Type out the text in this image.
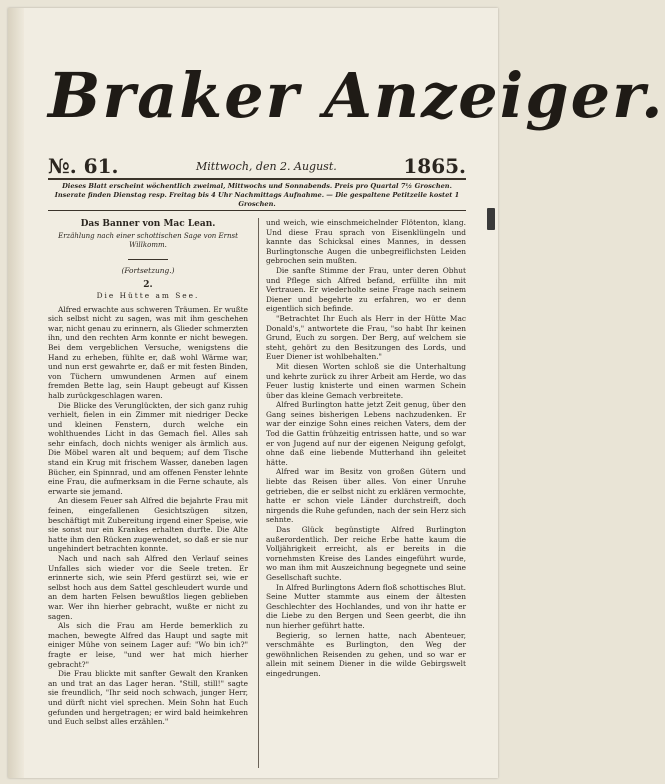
Braker Anzeiger.
№. 61.	Mittwoch, den 2. August.	1865.
Dieses Blatt erscheint wöchentlich zweimal, Mittwochs und Sonnabends. Preis pro Quartal 7½ Groschen. Inserate finden Dienstag resp. Freitag bis 4 Uhr Nachmittags Aufnahme. — Die gespaltene Petitzeile kostet 1 Groschen.
Das Banner von Mac Lean.
Erzählung nach einer schottischen Sage von Ernst Willkomm.
(Fortsetzung.)
2.
Die Hütte am See.

Alfred erwachte aus schweren Träumen. Er wußte sich selbst nicht zu sagen, was mit ihm geschehen war, nicht genau zu erinnern, als Glieder schmerzten ihn, und den rechten Arm konnte er nicht bewegen. Bei dem vergeblichen Versuche, wenigstens die Hand zu erheben, fühlte er, daß wohl Wärme war, und nun erst gewahrte er, daß er mit festen Binden, von Tüchern umwundenen Armen auf einem fremden Bette lag, sein Haupt gebeugt auf Kissen halb zurückgeschlagen waren.

Die Blicke des Verunglückten, der sich ganz ruhig verhielt, fielen in ein Zimmer mit niedriger Decke und kleinen Fenstern, durch welche ein wohlthuendes Licht in das Gemach fiel. Alles sah sehr einfach, doch nichts weniger als ärmlich aus. Die Möbel waren alt und bequem; auf dem Tische stand ein Krug mit frischem Wasser, daneben lagen Bücher, ein Spinnrad, und am offenen Fenster lehnte eine Frau, die aufmerksam in die Ferne schaute, als erwarte sie jemand.

An diesem Feuer sah Alfred die bejahrte Frau mit feinen, eingefallenen Gesichtszügen sitzen, beschäftigt mit Zubereitung irgend einer Speise, wie sie sonst nur ein Krankes erhalten durfte. Die Alte hatte ihm den Rücken zugewendet, so daß er sie nur ungehindert betrachten konnte.

Nach und nach sah Alfred den Verlauf seines Unfalles sich wieder vor die Seele treten. Er erinnerte sich, wie sein Pferd gestürzt sei, wie er selbst hoch aus dem Sattel geschleudert wurde und an dem harten Felsen bewußtlos liegen geblieben war. Wer ihn hierher gebracht, wußte er nicht zu sagen.

Als sich die Frau am Herde bemerklich zu machen, bewegte Alfred das Haupt und sagte mit einiger Mühe von seinem Lager auf: "Wo bin ich?" fragte er leise, "und wer hat mich hierher gebracht?"

Die Frau blickte mit sanfter Gewalt den Kranken an und trat an das Lager heran. "Still, still!" sagte sie freundlich, "Ihr seid noch schwach, junger Herr, und dürft nicht viel sprechen. Mein Sohn hat Euch gefunden und hergetragen; er wird bald heimkehren und Euch selbst alles erzählen."

und weich, wie einschmeichelnder Flötenton, klang. Und diese Frau sprach von Eisenklüngeln und kannte das Schicksal eines Mannes, in dessen Burlingtonsche Augen die unbegreiflichsten Leiden gebrochen sein mußten.

Die sanfte Stimme der Frau, unter deren Obhut und Pflege sich Alfred befand, erfüllte ihn mit Vertrauen. Er wiederholte seine Frage nach seinem Diener und begehrte zu erfahren, wo er denn eigentlich sich befinde.

"Betrachtet Ihr Euch als Herr in der Hütte Mac Donald's," antwortete die Frau, "so habt Ihr keinen Grund, Euch zu sorgen. Der Berg, auf welchem sie steht, gehört zu den Besitzungen des Lords, und Euer Diener ist wohlbehalten."

Mit diesen Worten schloß sie die Unterhaltung und kehrte zurück zu ihrer Arbeit am Herde, wo das Feuer lustig knisterte und einen warmen Schein über das kleine Gemach verbreitete.

Alfred Burlington hatte jetzt Zeit genug, über den Gang seines bisherigen Lebens nachzudenken. Er war der einzige Sohn eines reichen Vaters, dem der Tod die Gattin frühzeitig entrissen hatte, und so war er von Jugend auf nur der eigenen Neigung gefolgt, ohne daß eine liebende Mutterhand ihn geleitet hätte.

Alfred war im Besitz von großen Gütern und liebte das Reisen über alles. Von einer Unruhe getrieben, die er selbst nicht zu erklären vermochte, hatte er schon viele Länder durchstreift, doch nirgends die Ruhe gefunden, nach der sein Herz sich sehnte.

Das Glück begünstigte Alfred Burlington außerordentlich. Der reiche Erbe hatte kaum die Volljährigkeit erreicht, als er bereits in die vornehmsten Kreise des Landes eingeführt wurde, wo man ihm mit Auszeichnung begegnete und seine Gesellschaft suchte.

In Alfred Burlingtons Adern floß schottisches Blut. Seine Mutter stammte aus einem der ältesten Geschlechter des Hochlandes, und von ihr hatte er die Liebe zu den Bergen und Seen geerbt, die ihn nun hierher geführt hatte.

Begierig, so lernen hatte, nach Abenteuer, verschmähte es Burlington, den Weg der gewöhnlichen Reisenden zu gehen, und so war er allein mit seinem Diener in die wilde Gebirgswelt eingedrungen.
